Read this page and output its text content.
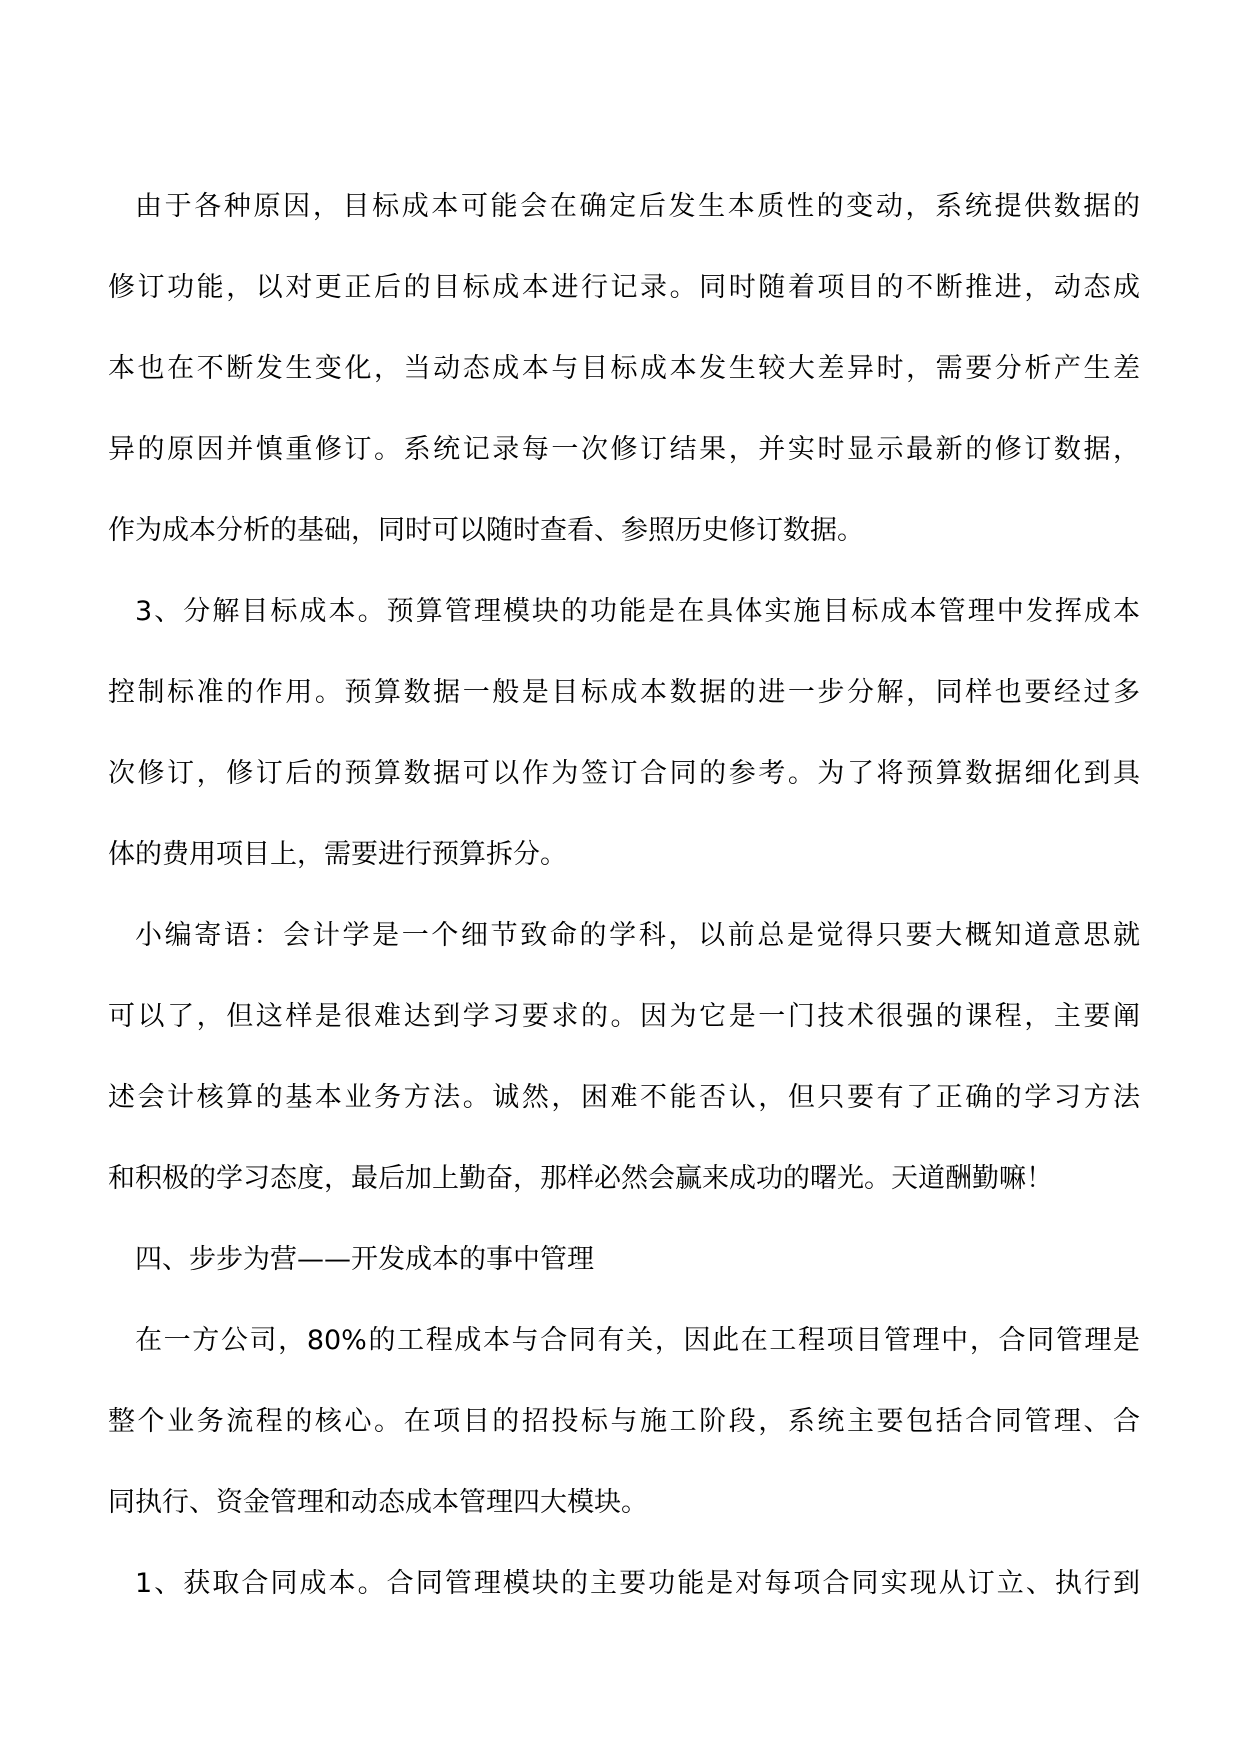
由于各种原因，目标成本可能会在确定后发生本质性的变动，系统提供数据的
修订功能，以对更正后的目标成本进行记录。同时随着项目的不断推进，动态成
本也在不断发生变化，当动态成本与目标成本发生较大差异时，需要分析产生差
异的原因并慎重修订。系统记录每一次修订结果，并实时显示最新的修订数据，
作为成本分析的基础，同时可以随时查看、参照历史修订数据。
3、分解目标成本。预算管理模块的功能是在具体实施目标成本管理中发挥成本
控制标准的作用。预算数据一般是目标成本数据的进一步分解，同样也要经过多
次修订，修订后的预算数据可以作为签订合同的参考。为了将预算数据细化到具
体的费用项目上，需要进行预算拆分。
小编寄语：会计学是一个细节致命的学科，以前总是觉得只要大概知道意思就
可以了，但这样是很难达到学习要求的。因为它是一门技术很强的课程，主要阐
述会计核算的基本业务方法。诚然，困难不能否认，但只要有了正确的学习方法
和积极的学习态度，最后加上勤奋，那样必然会赢来成功的曙光。天道酬勤嘛！
四、步步为营——开发成本的事中管理
在一方公司，80%的工程成本与合同有关，因此在工程项目管理中，合同管理是
整个业务流程的核心。在项目的招投标与施工阶段，系统主要包括合同管理、合
同执行、资金管理和动态成本管理四大模块。
1、获取合同成本。合同管理模块的主要功能是对每项合同实现从订立、执行到
